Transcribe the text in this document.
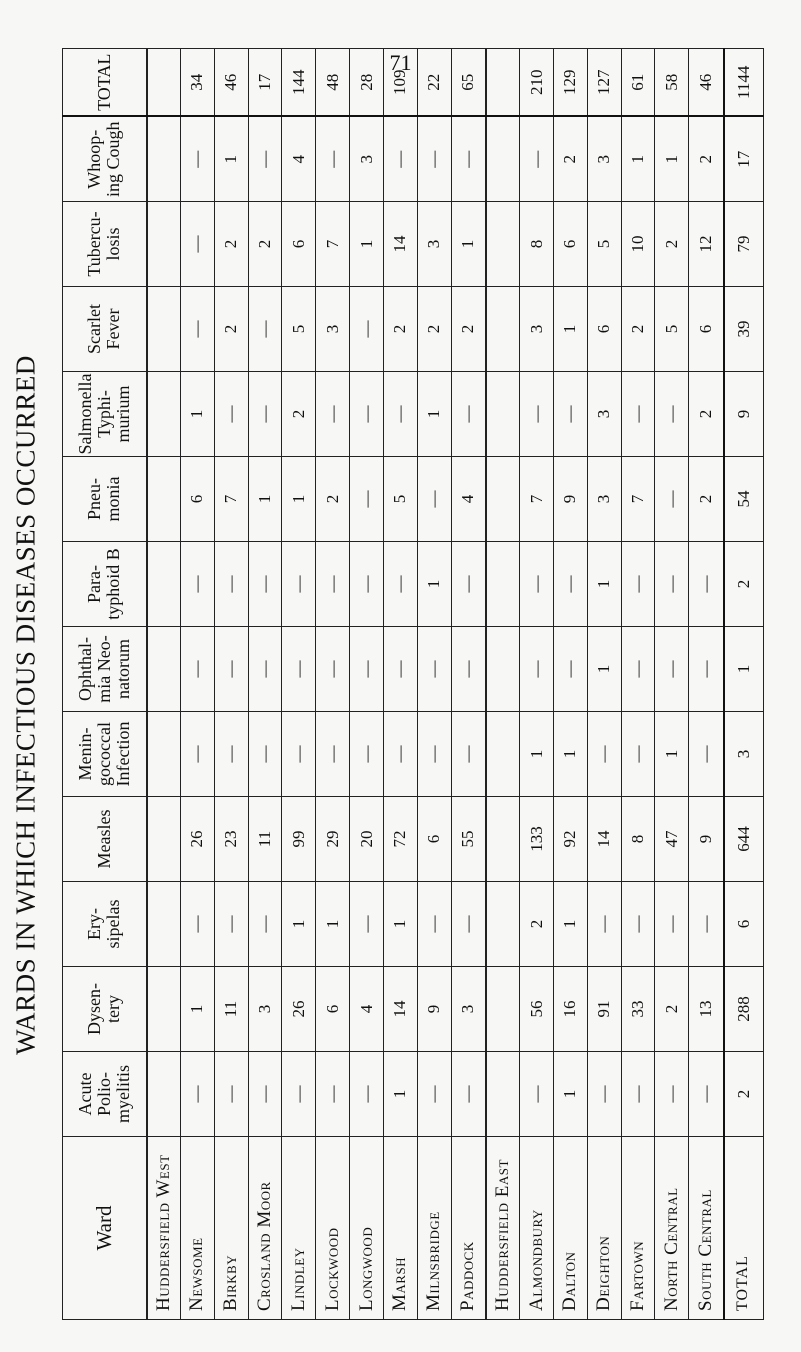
71
WARDS IN WHICH INFECTIOUS DISEASES OCCURRED
Ward	Acute Polio- myelitis	Dysen- tery	Ery- sipelas	Measles	Menin- gococcal Infection	Ophthal- mia Neo- natorum	Para- typhoid B	Pneu- monia	Salmonella Typhi- murium	Scarlet Fever	Tubercu- losis	Whoop- ing Cough	TOTAL
Huddersfield West													
Newsome	—	1	—	26	—	—	—	6	1	—	—	—	34
Birkby	—	11	—	23	—	—	—	7	—	2	2	1	46
Crosland Moor	—	3	—	11	—	—	—	1	—	—	2	—	17
Lindley	—	26	1	99	—	—	—	1	2	5	6	4	144
Lockwood	—	6	1	29	—	—	—	2	—	3	7	—	48
Longwood	—	4	—	20	—	—	—	—	—	—	1	3	28
Marsh	1	14	1	72	—	—	—	5	—	2	14	—	109
Milnsbridge	—	9	—	6	—	—	1	—	1	2	3	—	22
Paddock	—	3	—	55	—	—	—	4	—	2	1	—	65
Huddersfield East													
Almondbury	—	56	2	133	1	—	—	7	—	3	8	—	210
Dalton	1	16	1	92	1	—	—	9	—	1	6	2	129
Deighton	—	91	—	14	—	1	1	3	3	6	5	3	127
Fartown	—	33	—	8	—	—	—	7	—	2	10	1	61
North Central	—	2	—	47	1	—	—	—	—	5	2	1	58
South Central	—	13	—	9	—	—	—	2	2	6	12	2	46
TOTAL	2	288	6	644	3	1	2	54	9	39	79	17	1144
